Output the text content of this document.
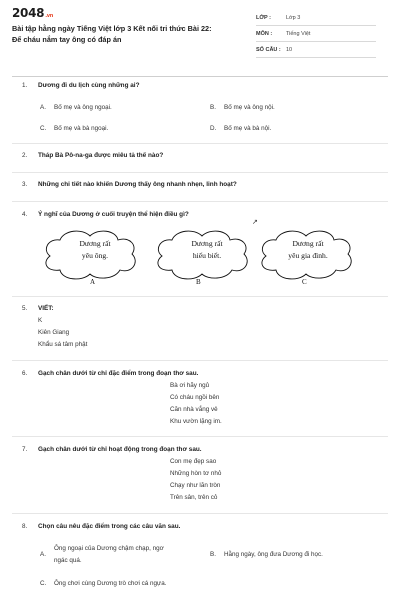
2048.vn
Bài tập hằng ngày Tiếng Việt lớp 3 Kết nối tri thức Bài 22:
Để cháu nắm tay ông có đáp án
LỚP :	Lớp 3
MÔN :	Tiếng Việt
SỐ CÂU : 10
1. Dương đi du lịch cùng những ai?
A. Bố mẹ và ông ngoại.	B. Bố mẹ và ông nội.
C. Bố mẹ và bà ngoại.	D. Bố mẹ và bà nội.
2. Tháp Bà Pô-na-ga được miêu tả thế nào?
3. Những chi tiết nào khiến Dương thấy ông nhanh nhẹn, linh hoạt?
4. Ý nghĩ của Dương ở cuối truyện thể hiện điều gì?
↗
Dương rất
yêu ông.
Dương rất
hiếu biết.
Dương rất
yêu gia đình.
A	B	C
5. VIẾT:
K
Kiên Giang
Khẩu sá tâm phật
6. Gạch chân dưới từ chỉ đặc điểm trong đoạn thơ sau.
Bà ơi hãy ngủ
Có cháu ngồi bên
Căn nhà vắng vẻ
Khu vườn lặng im.
7. Gạch chân dưới từ chỉ hoạt động trong đoạn thơ sau.
Con mẹ đẹp sao
Những hòn tơ nhỏ
Chạy như lăn tròn
Trên sân, trên cỏ
8. Chọn câu nêu đặc điểm trong các câu văn sau.
A.
Ông ngoại của Dương chậm chạp, ngơ
ngác quá.
B. Hằng ngày, ông đưa Dương đi học.
C. Ông chơi cùng Dương trò chơi cá ngựa.
